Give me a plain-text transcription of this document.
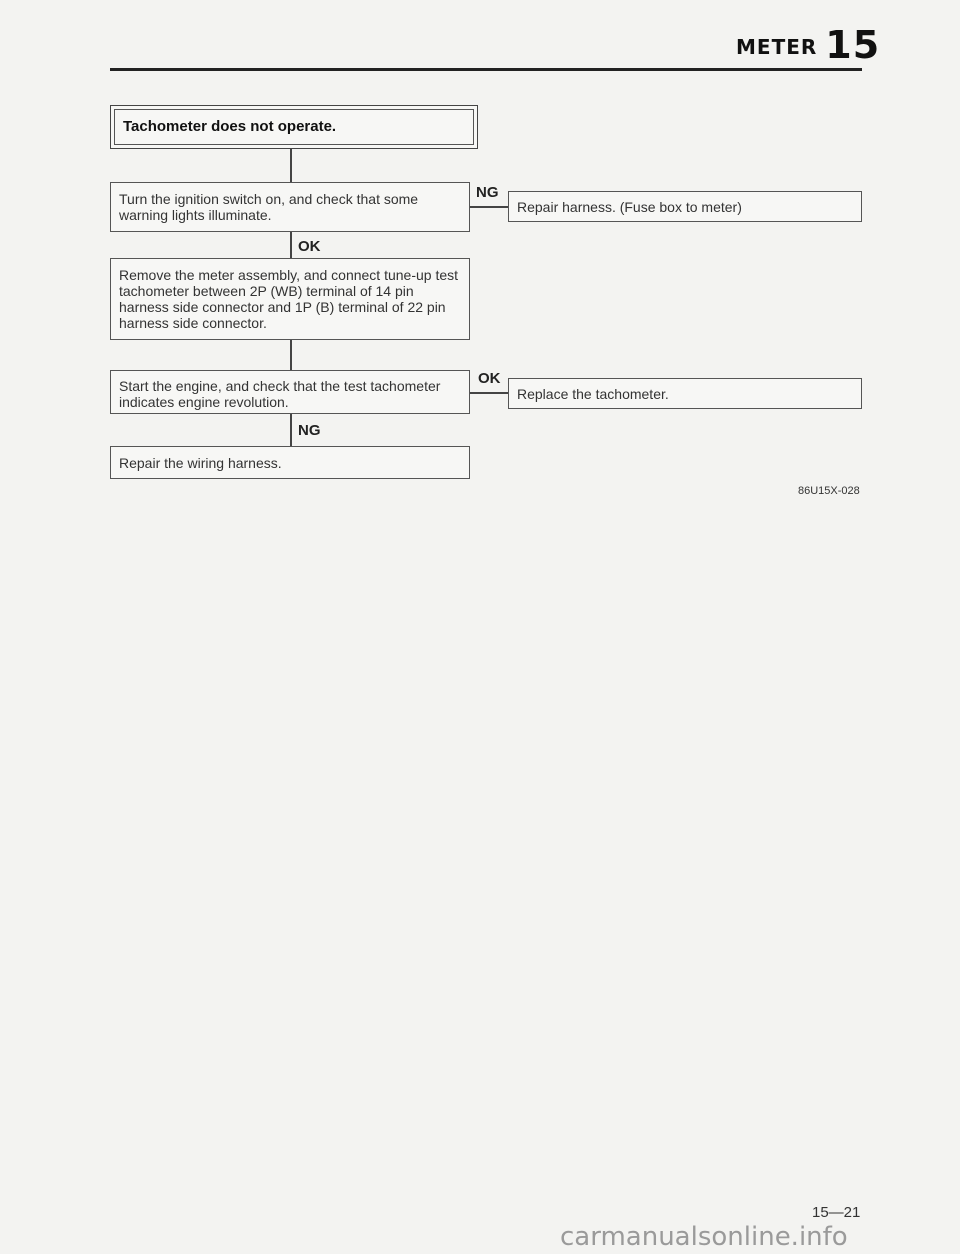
METER 15
Tachometer does not operate.
Turn the ignition switch on, and check that some warning lights illuminate.
NG
Repair harness. (Fuse box to meter)
OK
Remove the meter assembly, and connect tune-up test tachometer between 2P (WB) terminal of 14 pin harness side connector and 1P (B) terminal of 22 pin harness side connector.
Start the engine, and check that the test tachometer indicates engine revolution.
OK
Replace the tachometer.
NG
Repair the wiring harness.
86U15X-028
15—21
carmanualsonline.info
